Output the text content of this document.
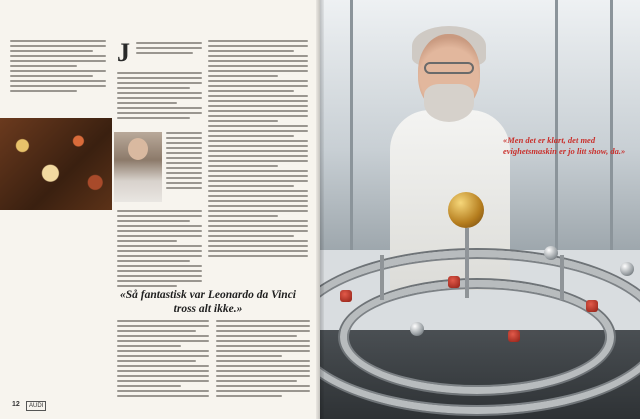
J
«Så fantastisk var Leonardo da Vinci tross alt ikke.»
12	AUDI
«Men det er klart, det med evighetsmaskin er jo litt show, da.»
